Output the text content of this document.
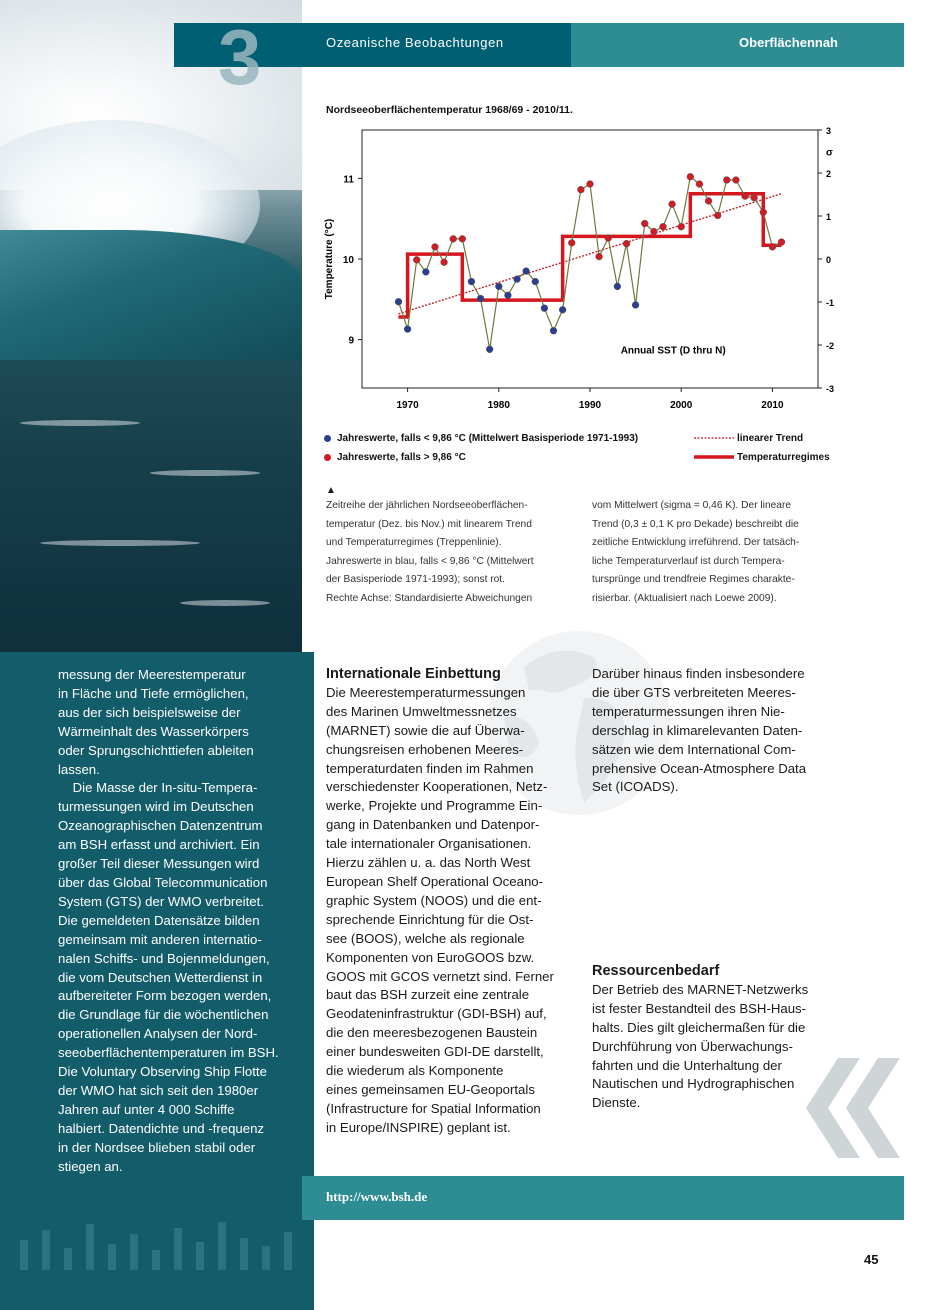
3	Ozeanische Beobachtungen	Oberflächennah
Nordseeoberflächentemperatur 1968/69 - 2010/11.
1970	1980	1990	2000	2010
9
10
11
3
2
1
0
-1
-2
-3
σ
Temperature (°C)
Annual SST (D thru N)
Jahreswerte, falls < 9,86 °C (Mittelwert Basisperiode 1971-1993)
Jahreswerte, falls > 9,86 °C
linearer Trend
Temperaturregimes
▲

Zeitreihe der jährlichen Nordseeoberflächen-

temperatur (Dez. bis Nov.) mit linearem Trend

und Temperaturregimes (Treppenlinie).

Jahreswerte in blau, falls < 9,86 °C (Mittelwert

der Basisperiode 1971-1993); sonst rot.

Rechte Achse: Standardisierte Abweichungen

vom Mittelwert (sigma = 0,46 K). Der lineare

Trend (0,3 ± 0,1 K pro Dekade) beschreibt die

zeitliche Entwicklung irreführend. Der tatsäch-

liche Temperaturverlauf ist durch Tempera-

tursprünge und trendfreie Regimes charakte-

risierbar. (Aktualisiert nach Loewe 2009).

messung der Meerestemperatur

in Fläche und Tiefe ermöglichen,

aus der sich beispielsweise der

Wärmeinhalt des Wasserkörpers

oder Sprungschichttiefen ableiten

lassen.

Die Masse der In-situ-Tempera-

turmessungen wird im Deutschen

Ozeanographischen Datenzentrum

am BSH erfasst und archiviert. Ein

großer Teil dieser Messungen wird

über das Global Telecommunication

System (GTS) der WMO verbreitet.

Die gemeldeten Datensätze bilden

gemeinsam mit anderen internatio-

nalen Schiffs- und Bojenmeldungen,

die vom Deutschen Wetterdienst in

aufbereiteter Form bezogen werden,

die Grundlage für die wöchentlichen

operationellen Analysen der Nord-

seeoberflächentemperaturen im BSH.

Die Voluntary Observing Ship Flotte

der WMO hat sich seit den 1980er

Jahren auf unter 4 000 Schiffe

halbiert. Datendichte und -frequenz

in der Nordsee blieben stabil oder

stiegen an.

Internationale Einbettung

Die Meerestemperaturmessungen

des Marinen Umweltmessnetzes

(MARNET) sowie die auf Überwa-

chungsreisen erhobenen Meeres-

temperaturdaten finden im Rahmen

verschiedenster Kooperationen, Netz-

werke, Projekte und Programme Ein-

gang in Datenbanken und Datenpor-

tale internationaler Organisationen.

Hierzu zählen u. a. das North West

European Shelf Operational Oceano-

graphic System (NOOS) und die ent-

sprechende Einrichtung für die Ost-

see (BOOS), welche als regionale

Komponenten von EuroGOOS bzw.

GOOS mit GCOS vernetzt sind. Ferner

baut das BSH zurzeit eine zentrale

Geodateninfrastruktur (GDI-BSH) auf,

die den meeresbezogenen Baustein

einer bundesweiten GDI-DE darstellt,

die wiederum als Komponente

eines gemeinsamen EU-Geoportals

(Infrastructure for Spatial Information

in Europe/INSPIRE) geplant ist.

Darüber hinaus finden insbesondere

die über GTS verbreiteten Meeres-

temperaturmessungen ihren Nie-

derschlag in klimarelevanten Daten-

sätzen wie dem International Com-

prehensive Ocean-Atmosphere Data

Set (ICOADS).

Ressourcenbedarf

Der Betrieb des MARNET-Netzwerks

ist fester Bestandteil des BSH-Haus-

halts. Dies gilt gleichermaßen für die

Durchführung von Überwachungs-

fahrten und die Unterhaltung der

Nautischen und Hydrographischen

Dienste.

http://www.bsh.de
45
